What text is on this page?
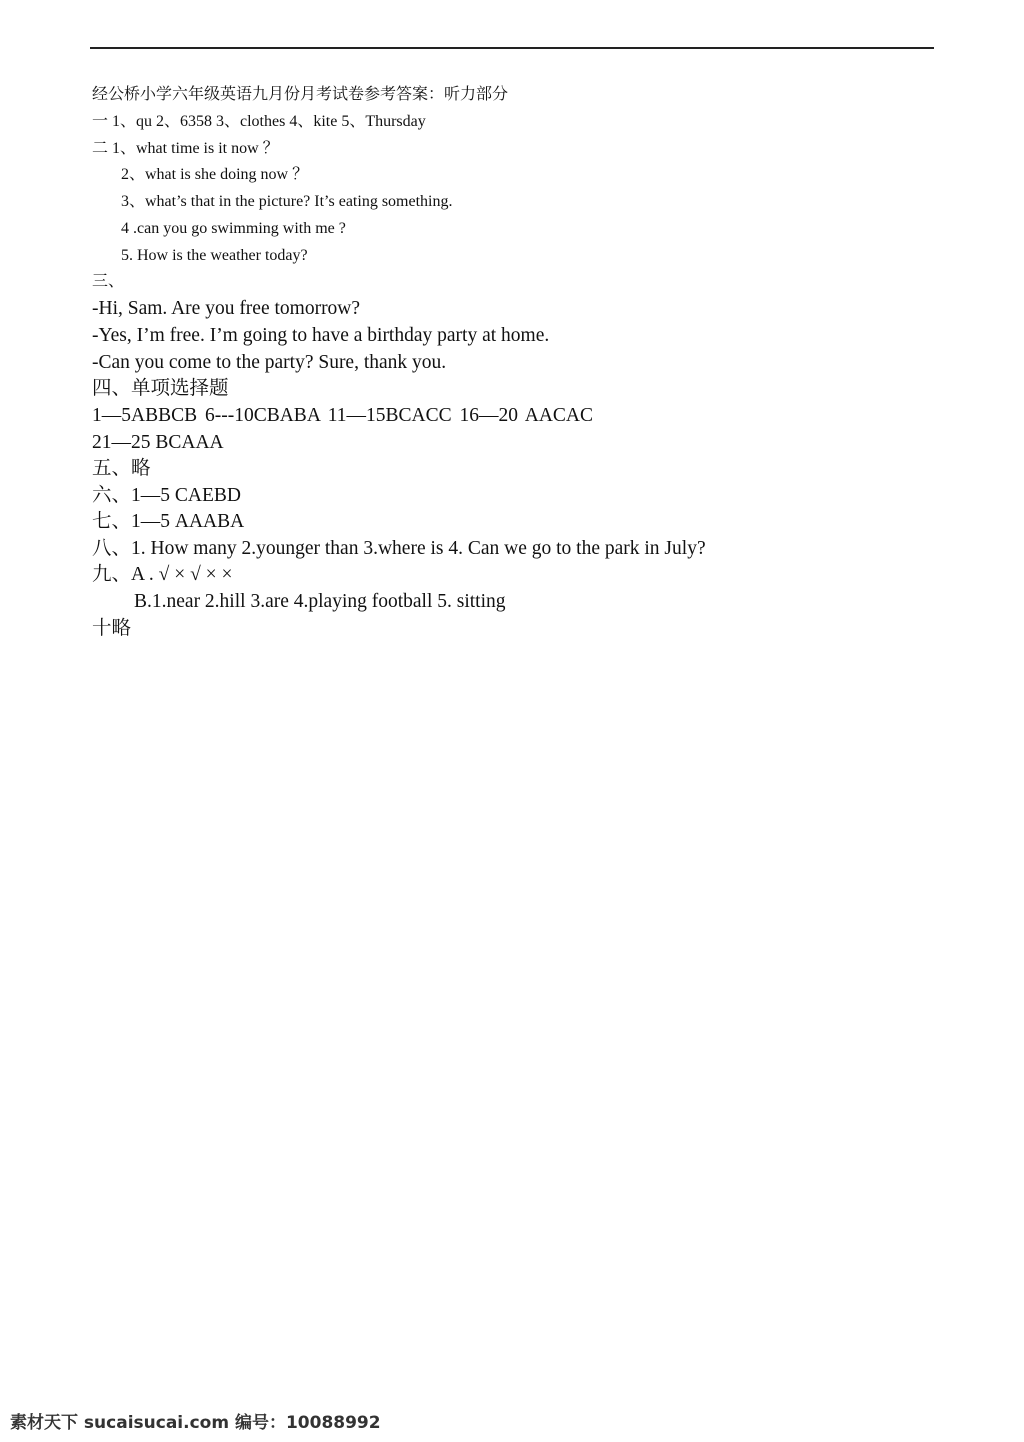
经公桥小学六年级英语九月份月考试卷参考答案：听力部分
一 1、qu 2、6358 3、clothes 4、kite 5、Thursday
二 1、what time is it now ？
2、what is she doing now ？
3、what’s that in the picture? It’s eating something.
4 .can you go swimming with me ?
5. How is the weather today?
三、
-Hi, Sam. Are you free tomorrow?
-Yes, I’m free. I’m going to have a birthday party at home.
-Can you come to the party? Sure, thank you.
四、单项选择题
1—5ABBCB 6---10CBABA 11—15BCACC 16—20 AACAC
21—25 BCAAA
五、略
六、1—5 CAEBD
七、1—5 AAABA
八、1. How many 2.younger than 3.where is 4. Can we go to the park in July?
九、A . √ × √ × ×
B.1.near 2.hill 3.are 4.playing football 5. sitting
十略
素材天下 sucaisucai.com 编号：10088992
